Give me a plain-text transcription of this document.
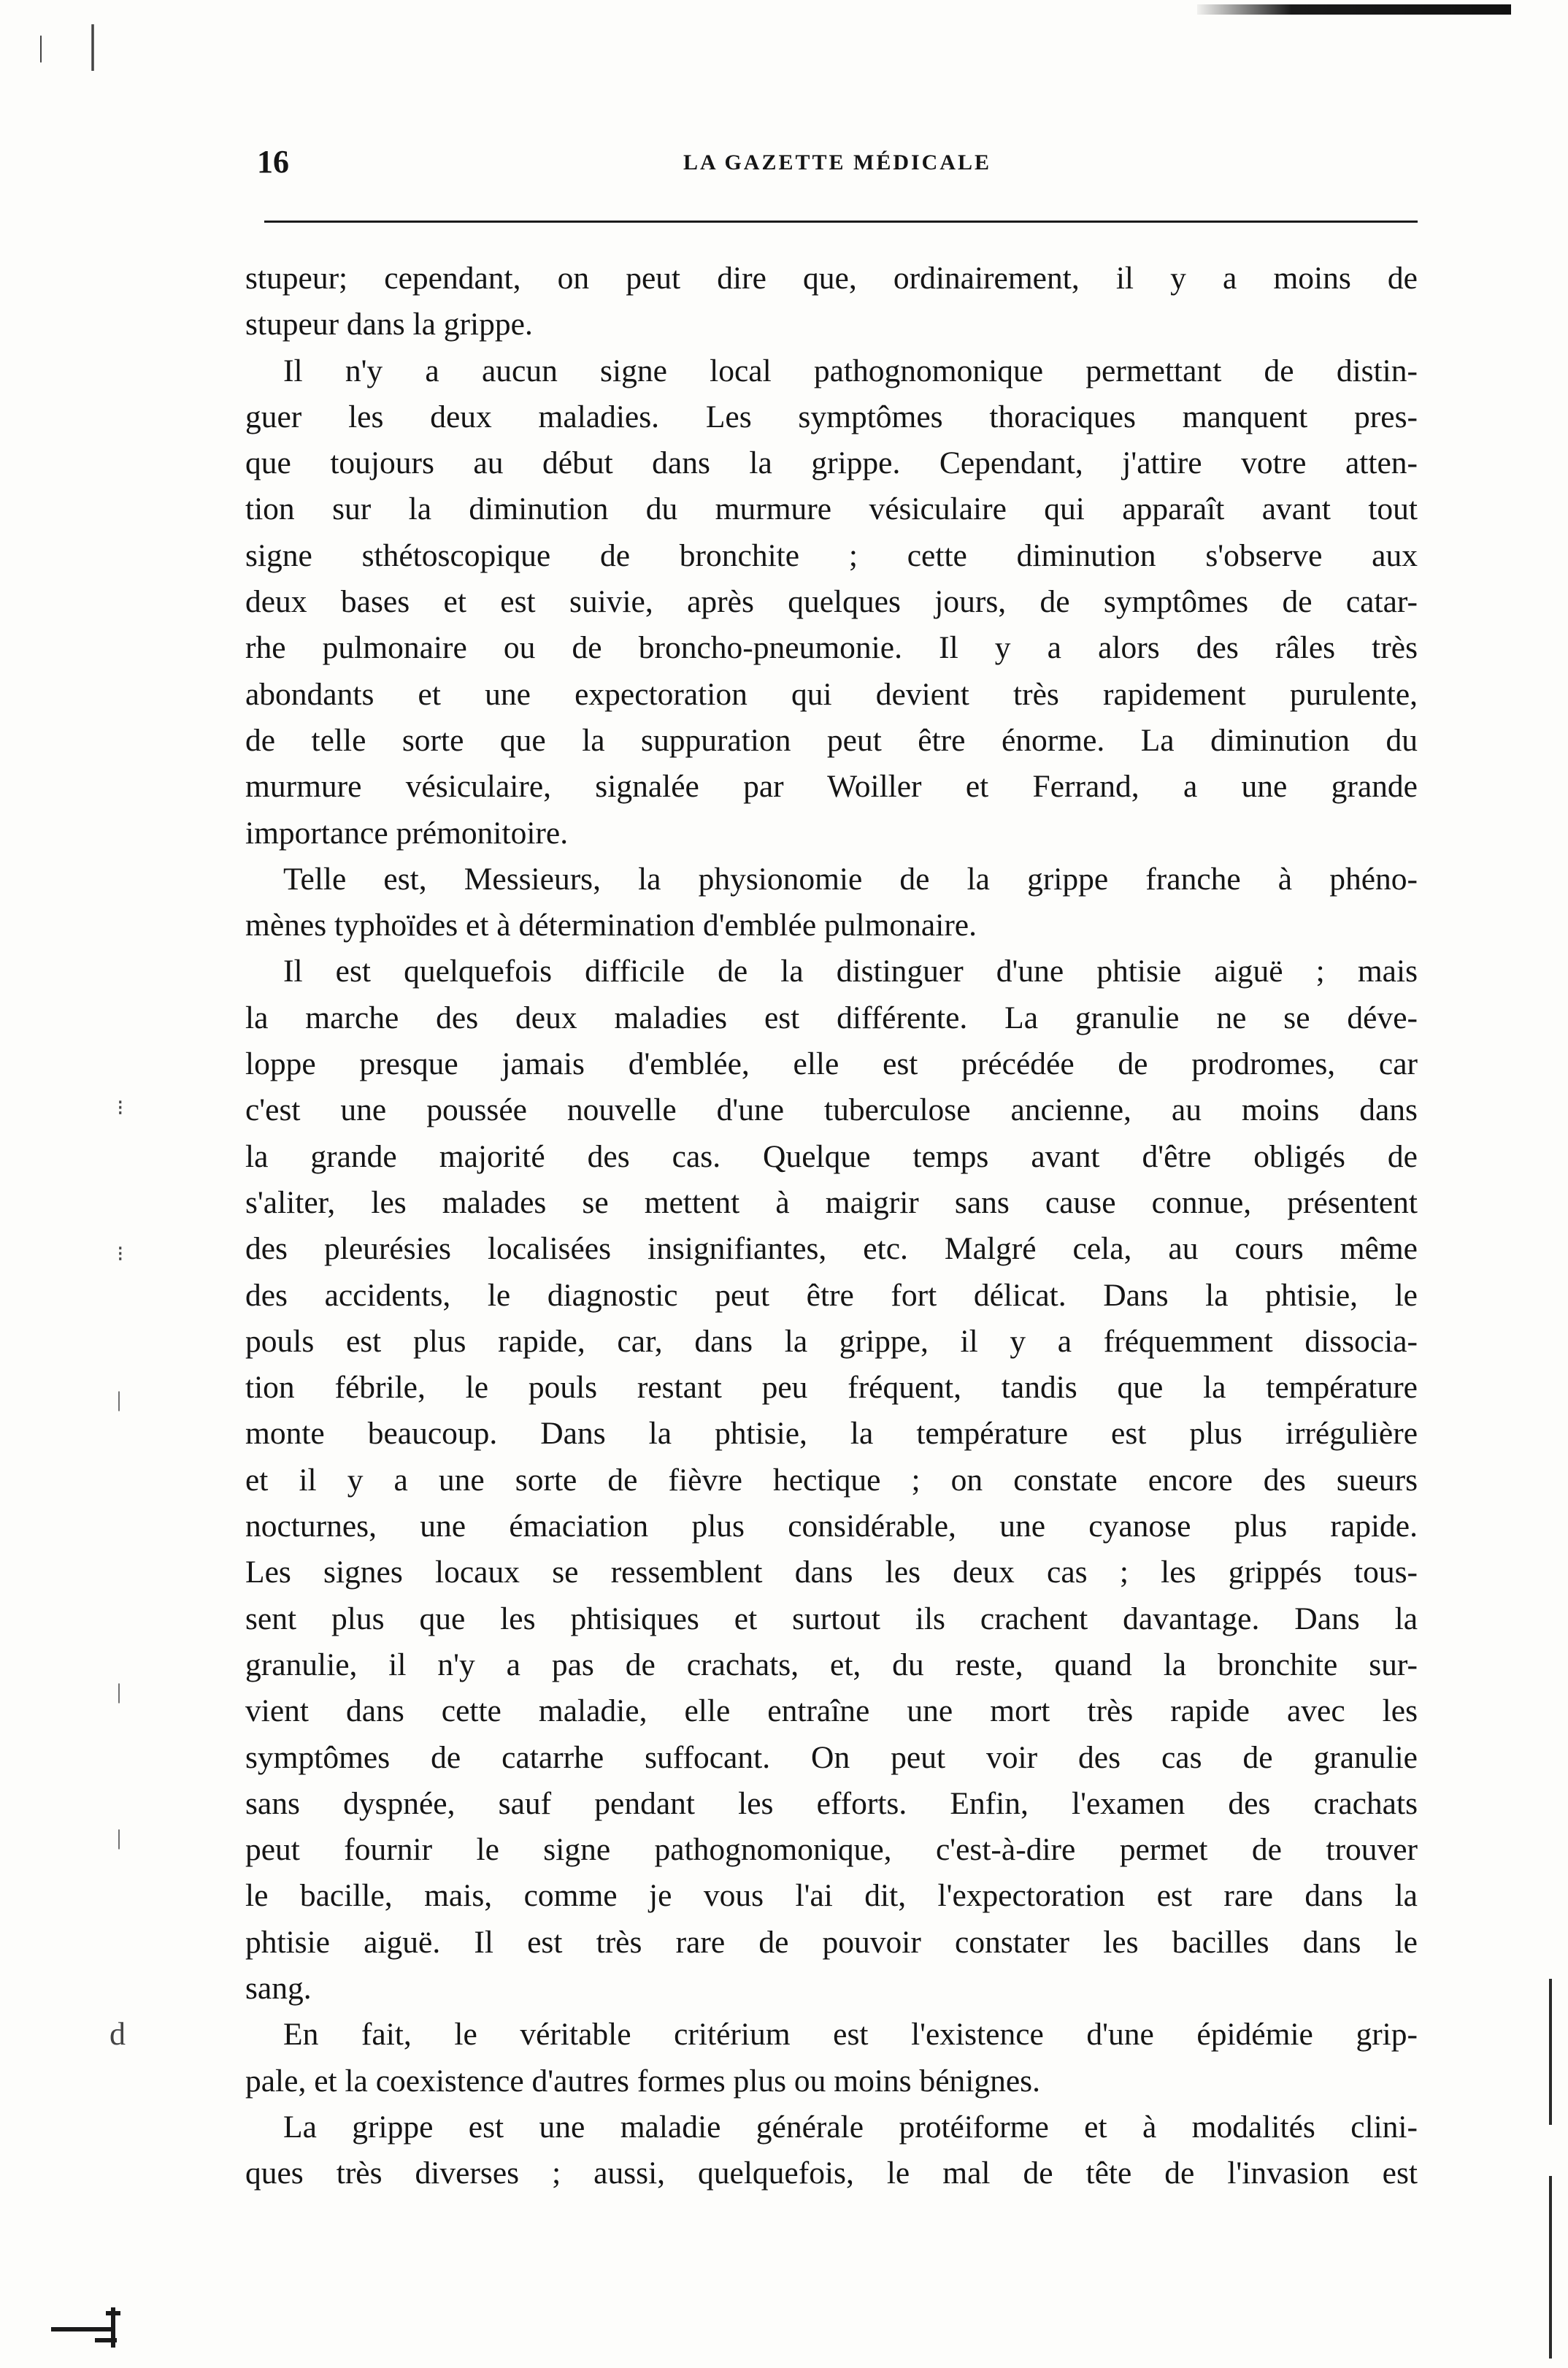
| |
⁝
⁝
|
|
|
d
16	LA GAZETTE MÉDICALE
stupeur; cependant, on peut dire que, ordinairement, il y a moins de
stupeur dans la grippe.
Il n'y a aucun signe local pathognomonique permettant de distin-
guer les deux maladies. Les symptômes thoraciques manquent pres-
que toujours au début dans la grippe. Cependant, j'attire votre atten-
tion sur la diminution du murmure vésiculaire qui apparaît avant tout
signe sthétoscopique de bronchite ; cette diminution s'observe aux
deux bases et est suivie, après quelques jours, de symptômes de catar-
rhe pulmonaire ou de broncho-pneumonie. Il y a alors des râles très
abondants et une expectoration qui devient très rapidement purulente,
de telle sorte que la suppuration peut être énorme. La diminution du
murmure vésiculaire, signalée par Woiller et Ferrand, a une grande
importance prémonitoire.
Telle est, Messieurs, la physionomie de la grippe franche à phéno-
mènes typhoïdes et à détermination d'emblée pulmonaire.
Il est quelquefois difficile de la distinguer d'une phtisie aiguë ; mais
la marche des deux maladies est différente. La granulie ne se déve-
loppe presque jamais d'emblée, elle est précédée de prodromes, car
c'est une poussée nouvelle d'une tuberculose ancienne, au moins dans
la grande majorité des cas. Quelque temps avant d'être obligés de
s'aliter, les malades se mettent à maigrir sans cause connue, présentent
des pleurésies localisées insignifiantes, etc. Malgré cela, au cours même
des accidents, le diagnostic peut être fort délicat. Dans la phtisie, le
pouls est plus rapide, car, dans la grippe, il y a fréquemment dissocia-
tion fébrile, le pouls restant peu fréquent, tandis que la température
monte beaucoup. Dans la phtisie, la température est plus irrégulière
et il y a une sorte de fièvre hectique ; on constate encore des sueurs
nocturnes, une émaciation plus considérable, une cyanose plus rapide.
Les signes locaux se ressemblent dans les deux cas ; les grippés tous-
sent plus que les phtisiques et surtout ils crachent davantage. Dans la
granulie, il n'y a pas de crachats, et, du reste, quand la bronchite sur-
vient dans cette maladie, elle entraîne une mort très rapide avec les
symptômes de catarrhe suffocant. On peut voir des cas de granulie
sans dyspnée, sauf pendant les efforts. Enfin, l'examen des crachats
peut fournir le signe pathognomonique, c'est-à-dire permet de trouver
le bacille, mais, comme je vous l'ai dit, l'expectoration est rare dans la
phtisie aiguë. Il est très rare de pouvoir constater les bacilles dans le
sang.
En fait, le véritable critérium est l'existence d'une épidémie grip-
pale, et la coexistence d'autres formes plus ou moins bénignes.
La grippe est une maladie générale protéiforme et à modalités clini-
ques très diverses ; aussi, quelquefois, le mal de tête de l'invasion est
